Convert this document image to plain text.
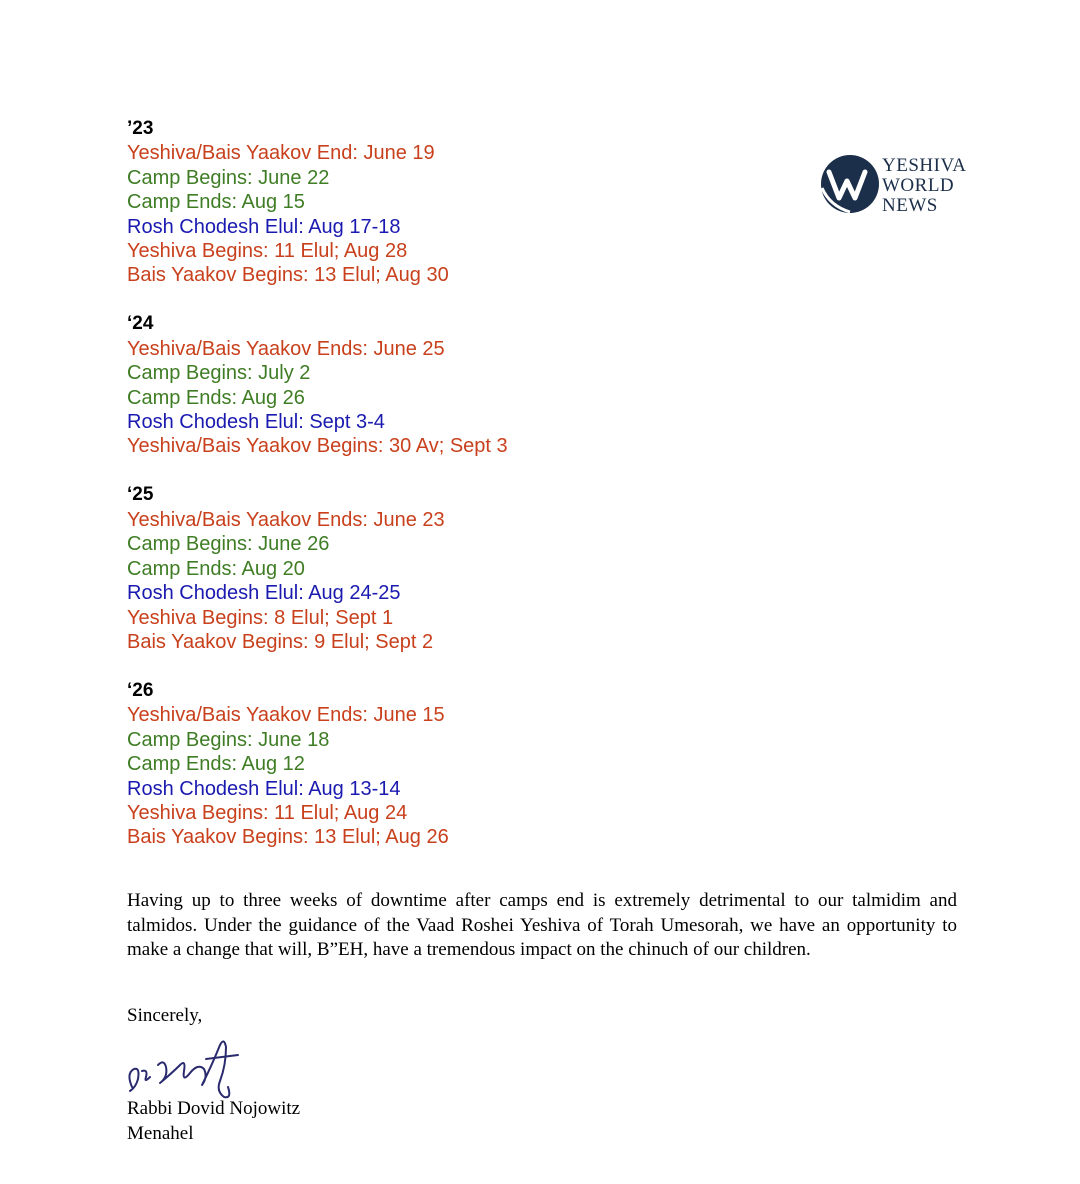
’23
Yeshiva/Bais Yaakov End: June 19
Camp Begins: June 22
Camp Ends: Aug 15
Rosh Chodesh Elul: Aug 17-18
Yeshiva Begins: 11 Elul; Aug 28
Bais Yaakov Begins: 13 Elul; Aug 30
‘24
Yeshiva/Bais Yaakov Ends: June 25
Camp Begins: July 2
Camp Ends: Aug 26
Rosh Chodesh Elul: Sept 3-4
Yeshiva/Bais Yaakov Begins: 30 Av; Sept 3
‘25
Yeshiva/Bais Yaakov Ends: June 23
Camp Begins: June 26
Camp Ends: Aug 20
Rosh Chodesh Elul: Aug 24-25
Yeshiva Begins: 8 Elul; Sept 1
Bais Yaakov Begins: 9 Elul; Sept 2
‘26
Yeshiva/Bais Yaakov Ends: June 15
Camp Begins: June 18
Camp Ends: Aug 12
Rosh Chodesh Elul: Aug 13-14
Yeshiva Begins: 11 Elul; Aug 24
Bais Yaakov Begins: 13 Elul; Aug 26
YESHIVA
WORLD
NEWS

Having up to three weeks of downtime after camps end is extremely detrimental to our talmidim and talmidos. Under the guidance of the Vaad Roshei Yeshiva of Torah Umesorah, we have an opportunity to make a change that will, B”EH, have a tremendous impact on the chinuch of our children.

Sincerely,
Rabbi Dovid Nojowitz
Menahel
